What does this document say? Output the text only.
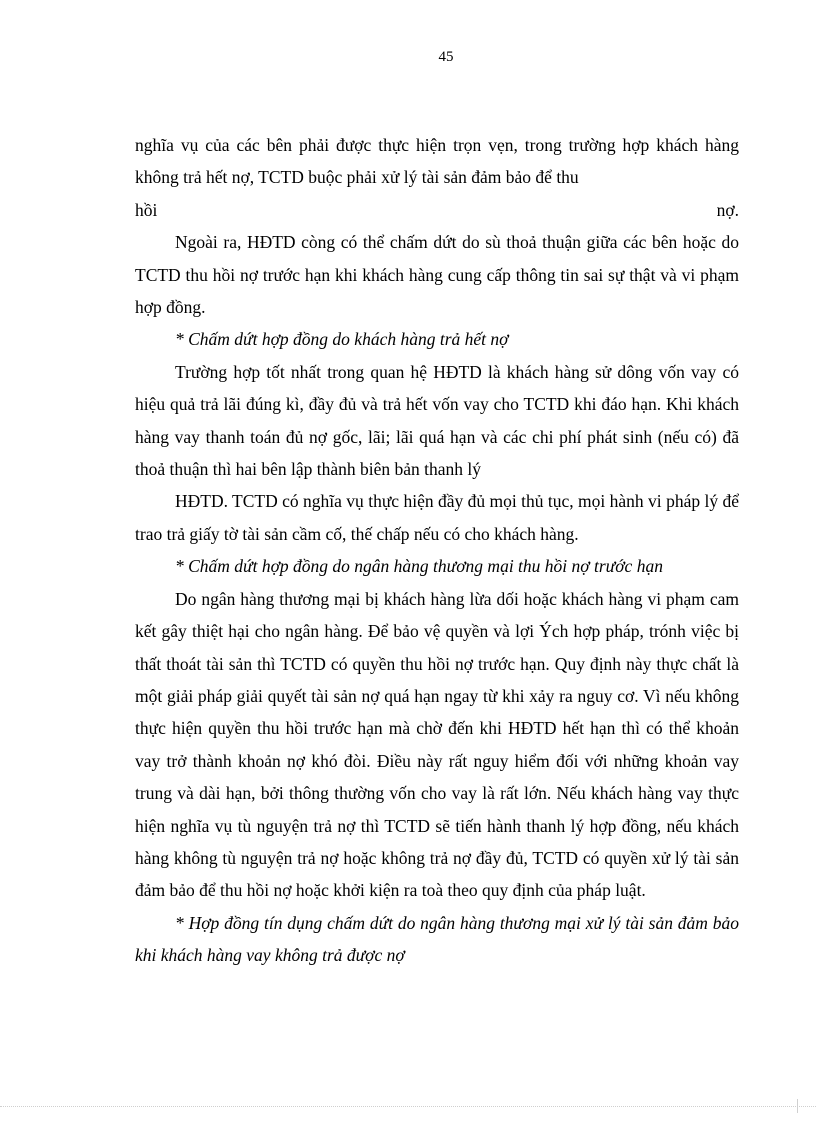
45

nghĩa vụ của các bên phải được thực hiện trọn vẹn, trong trường hợp khách hàng không trả hết nợ, TCTD buộc phải xử lý tài sản đảm bảo để thu

hồi	nợ.

Ngoài ra, HĐTD còng có thể chấm dứt do sù thoả thuận giữa các bên hoặc do TCTD thu hồi nợ trước hạn khi khách hàng cung cấp thông tin sai sự thật và vi phạm hợp đồng.

* Chấm dứt hợp đồng do khách hàng trả hết nợ

Trường hợp tốt nhất trong quan hệ HĐTD là khách hàng sử dông vốn vay có hiệu quả trả lãi đúng kì, đầy đủ và trả hết vốn vay cho TCTD khi đáo hạn. Khi khách hàng vay thanh toán đủ nợ gốc, lãi; lãi quá hạn và các chi phí phát sinh (nếu có) đã thoả thuận thì hai bên lập thành biên bản thanh lý

HĐTD. TCTD có nghĩa vụ thực hiện đầy đủ mọi thủ tục, mọi hành vi pháp lý để trao trả giấy tờ tài sản cầm cố, thế chấp nếu có cho khách hàng.

* Chấm dứt hợp đồng do ngân hàng thương mại thu hồi nợ trước hạn

Do ngân hàng thương mại bị khách hàng lừa dối hoặc khách hàng vi phạm cam kết gây thiệt hại cho ngân hàng. Để bảo vệ quyền và lợi Ých hợp pháp, trónh việc bị thất thoát tài sản thì TCTD có quyền thu hồi nợ trước hạn. Quy định này thực chất là một giải pháp giải quyết tài sản nợ quá hạn ngay từ khi xảy ra nguy cơ. Vì nếu không thực hiện quyền thu hồi trước hạn mà chờ đến khi HĐTD hết hạn thì có thể khoản vay trở thành khoản nợ khó đòi. Điều này rất nguy hiểm đối với những khoản vay trung và dài hạn, bởi thông thường vốn cho vay là rất lớn. Nếu khách hàng vay thực hiện nghĩa vụ tù nguyện trả nợ thì TCTD sẽ tiến hành thanh lý hợp đồng, nếu khách hàng không tù nguyện trả nợ hoặc không trả nợ đầy đủ, TCTD có quyền xử lý tài sản đảm bảo để thu hồi nợ hoặc khởi kiện ra toà theo quy định của pháp luật.

* Hợp đồng tín dụng chấm dứt do ngân hàng thương mại xử lý tài sản đảm bảo khi khách hàng vay không trả được nợ
